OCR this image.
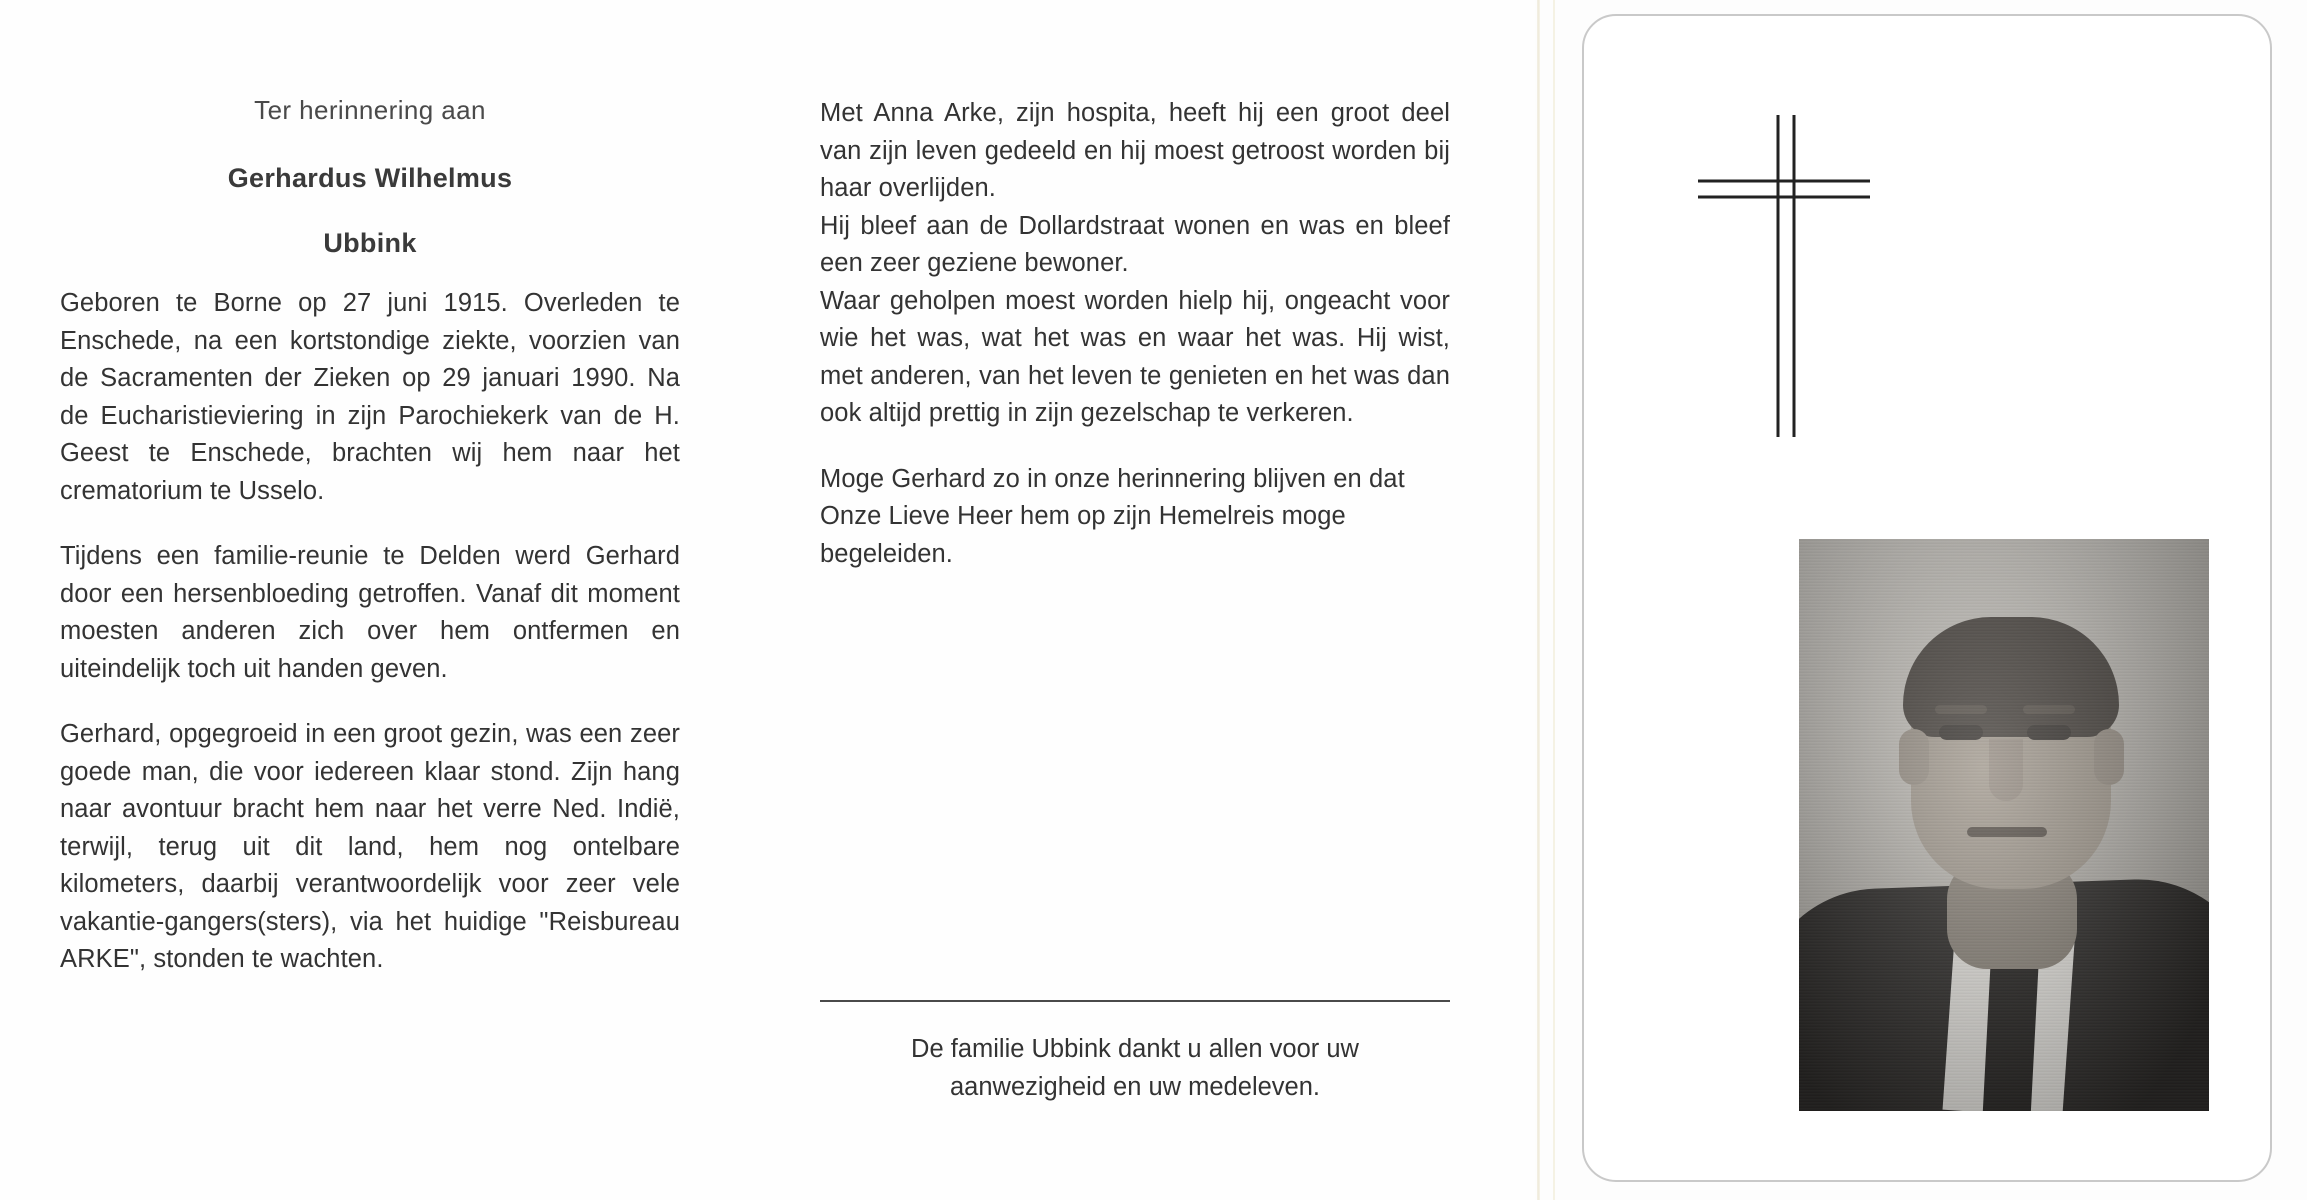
Ter herinnering aan
Gerhardus Wilhelmus
Ubbink

Geboren te Borne op 27 juni 1915. Overleden te Enschede, na een kortstondige ziekte, voorzien van de Sacramenten der Zieken op 29 januari 1990. Na de Eucharistieviering in zijn Parochiekerk van de H. Geest te Enschede, brachten wij hem naar het crematorium te Usselo.

Tijdens een familie-reunie te Delden werd Gerhard door een hersenbloeding getroffen. Vanaf dit moment moesten anderen zich over hem ontfermen en uiteindelijk toch uit handen geven.

Gerhard, opgegroeid in een groot gezin, was een zeer goede man, die voor iedereen klaar stond. Zijn hang naar avontuur bracht hem naar het verre Ned. Indië, terwijl, terug uit dit land, hem nog ontelbare kilometers, daarbij verantwoordelijk voor zeer vele vakantie-gangers(sters), via het huidige "Reisbureau ARKE", stonden te wachten.

Met Anna Arke, zijn hospita, heeft hij een groot deel van zijn leven gedeeld en hij moest getroost worden bij haar overlijden.

Hij bleef aan de Dollardstraat wonen en was en bleef een zeer geziene bewoner.

Waar geholpen moest worden hielp hij, ongeacht voor wie het was, wat het was en waar het was. Hij wist, met anderen, van het leven te genieten en het was dan ook altijd prettig in zijn gezelschap te verkeren.

Moge Gerhard zo in onze herinnering blijven en dat Onze Lieve Heer hem op zijn Hemelreis moge begeleiden.

De familie Ubbink dankt u allen voor uw aanwezigheid en uw medeleven.
